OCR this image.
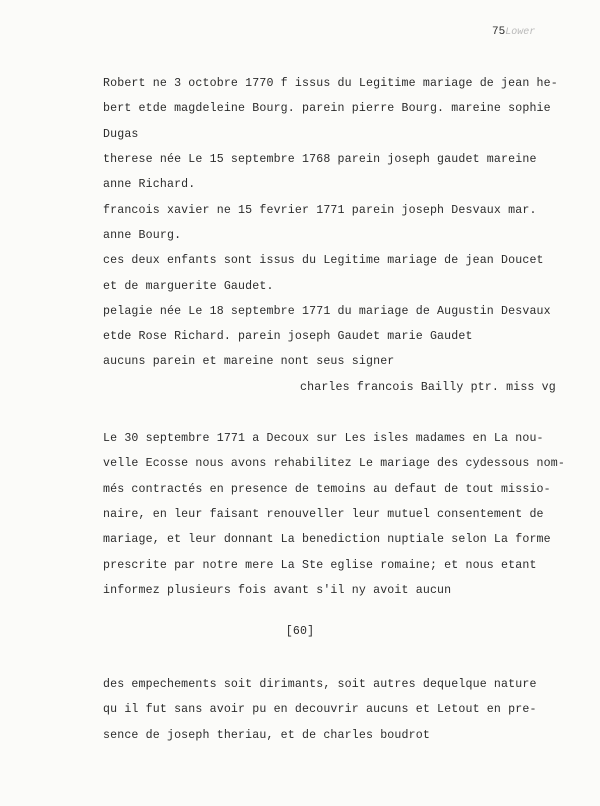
75Lower
Robert ne 3 octobre 1770 f issus du Legitime mariage de jean he-
bert etde magdeleine Bourg. parein pierre Bourg. mareine sophie
Dugas
therese née Le 15 septembre 1768 parein joseph gaudet mareine
anne Richard.
francois xavier ne 15 fevrier 1771 parein joseph Desvaux mar.
anne Bourg.
ces deux enfants sont issus du Legitime mariage de jean Doucet
et de marguerite Gaudet.
pelagie née Le 18 septembre 1771 du mariage de Augustin Desvaux
etde Rose Richard. parein joseph Gaudet marie Gaudet
aucuns parein et mareine nont seus signer
charles francois Bailly ptr. miss vg
Le 30 septembre 1771 a Decoux sur Les isles madames en La nou-
velle Ecosse nous avons rehabilitez Le mariage des cydessous nom-
més contractés en presence de temoins au defaut de tout missio-
naire, en leur faisant renouveller leur mutuel consentement de
mariage, et leur donnant La benediction nuptiale selon La forme
prescrite par notre mere La Ste eglise romaine; et nous etant
informez plusieurs fois avant s'il ny avoit aucun
[60]
des empechements soit dirimants, soit autres dequelque nature
qu il fut sans avoir pu en decouvrir aucuns et Letout en pre-
sence de joseph theriau, et de charles boudrot
